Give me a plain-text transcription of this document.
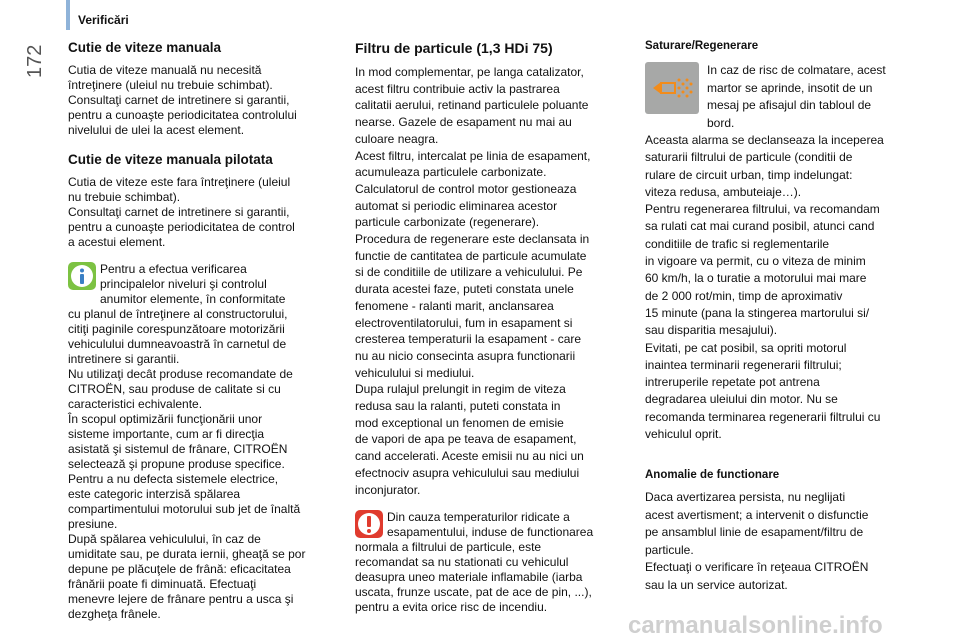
Verificări
172 Cutie de viteze manuala

Cutia de viteze manuală nu necesită
întreţinere (uleiul nu trebuie schimbat).
Consultaţi carnet de intretinere si garantii,
pentru a cunoaşte periodicitatea controlului
nivelului de ulei la acest element.

Cutie de viteze manuala pilotata

Cutia de viteze este fara întreţinere (uleiul
nu trebuie schimbat).
Consultaţi carnet de intretinere si garantii,
pentru a cunoaşte periodicitatea de control
a acestui element.

Pentru a efectua verificarea
principalelor niveluri şi controlul
anumitor elemente, în conformitate

cu planul de întreţinere al constructorului,
citiţi paginile corespunzătoare motorizării
vehiculului dumneavoastră în carnetul de
intretinere si garantii.
Nu utilizaţi decât produse recomandate de
CITROËN, sau produse de calitate si cu
caracteristici echivalente.
În scopul optimizării funcţionării unor
sisteme importante, cum ar fi direcţia
asistată şi sistemul de frânare, CITROËN
selectează şi propune produse specifice.
Pentru a nu defecta sistemele electrice,
este categoric interzisă spălarea
compartimentului motorului sub jet de înaltă
presiune.
După spălarea vehiculului, în caz de
umiditate sau, pe durata iernii, gheaţă se por
depune pe plăcuţele de frână: eficacitatea
frânării poate fi diminuată. Efectuaţi
menevre lejere de frânare pentru a usca şi
dezgheţa frânele.

Filtru de particule (1,3 HDi 75)

In mod complementar, pe langa catalizator,
acest filtru contribuie activ la pastrarea
calitatii aerului, retinand particulele poluante
nearse. Gazele de esapament nu mai au
culoare neagra.
Acest filtru, intercalat pe linia de esapament,
acumuleaza particulele carbonizate.
Calculatorul de control motor gestioneaza
automat si periodic eliminarea acestor
particule carbonizate (regenerare).
Procedura de regenerare este declansata in
functie de cantitatea de particule acumulate
si de conditiile de utilizare a vehiculului. Pe
durata acestei faze, puteti constata unele
fenomene - ralanti marit, anclansarea
electroventilatorului, fum in esapament si
cresterea temperaturii la esapament - care
nu au nicio consecinta asupra functionarii
vehiculului si mediului.
Dupa rulajul prelungit in regim de viteza
redusa sau la ralanti, puteti constata in
mod exceptional un fenomen de emisie
de vapori de apa pe teava de esapament,
cand accelerati. Aceste emisii nu au nici un
efectnociv asupra vehiculului sau mediului
inconjurator.

Din cauza temperaturilor ridicate a
esapamentului, induse de functionarea

normala a filtrului de particule, este
recomandat sa nu stationati cu vehiculul
deasupra uneo materiale inflamabile (iarba
uscata, frunze uscate, pat de ace de pin, ...),
pentru a evita orice risc de incendiu.

Saturare/Regenerare

In caz de risc de colmatare, acest
martor se aprinde, insotit de un
mesaj pe afisajul din tabloul de
bord.

Aceasta alarma se declanseaza la inceperea
saturarii filtrului de particule (conditii de
rulare de circuit urban, timp indelungat:
viteza redusa, ambuteiaje…).
Pentru regenerarea filtrului, va recomandam
sa rulati cat mai curand posibil, atunci cand
conditiile de trafic si reglementarile
in vigoare va permit, cu o viteza de minim
60 km/h, la o turatie a motorului mai mare
de 2 000 rot/min, timp de aproximativ
15 minute (pana la stingerea martorului si/
sau disparitia mesajului).
Evitati, pe cat posibil, sa opriti motorul
inaintea terminarii regenerarii filtrului;
intreruperile repetate pot antrena
degradarea uleiului din motor. Nu se
recomanda terminarea regenerarii filtrului cu
vehiculul oprit.

Anomalie de functionare

Daca avertizarea persista, nu neglijati
acest avertisment; a intervenit o disfunctie
pe ansamblul linie de esapament/filtru de
particule.
Efectuaţi o verificare în reţeaua CITROËN
sau la un service autorizat.

carmanualsonline.info
